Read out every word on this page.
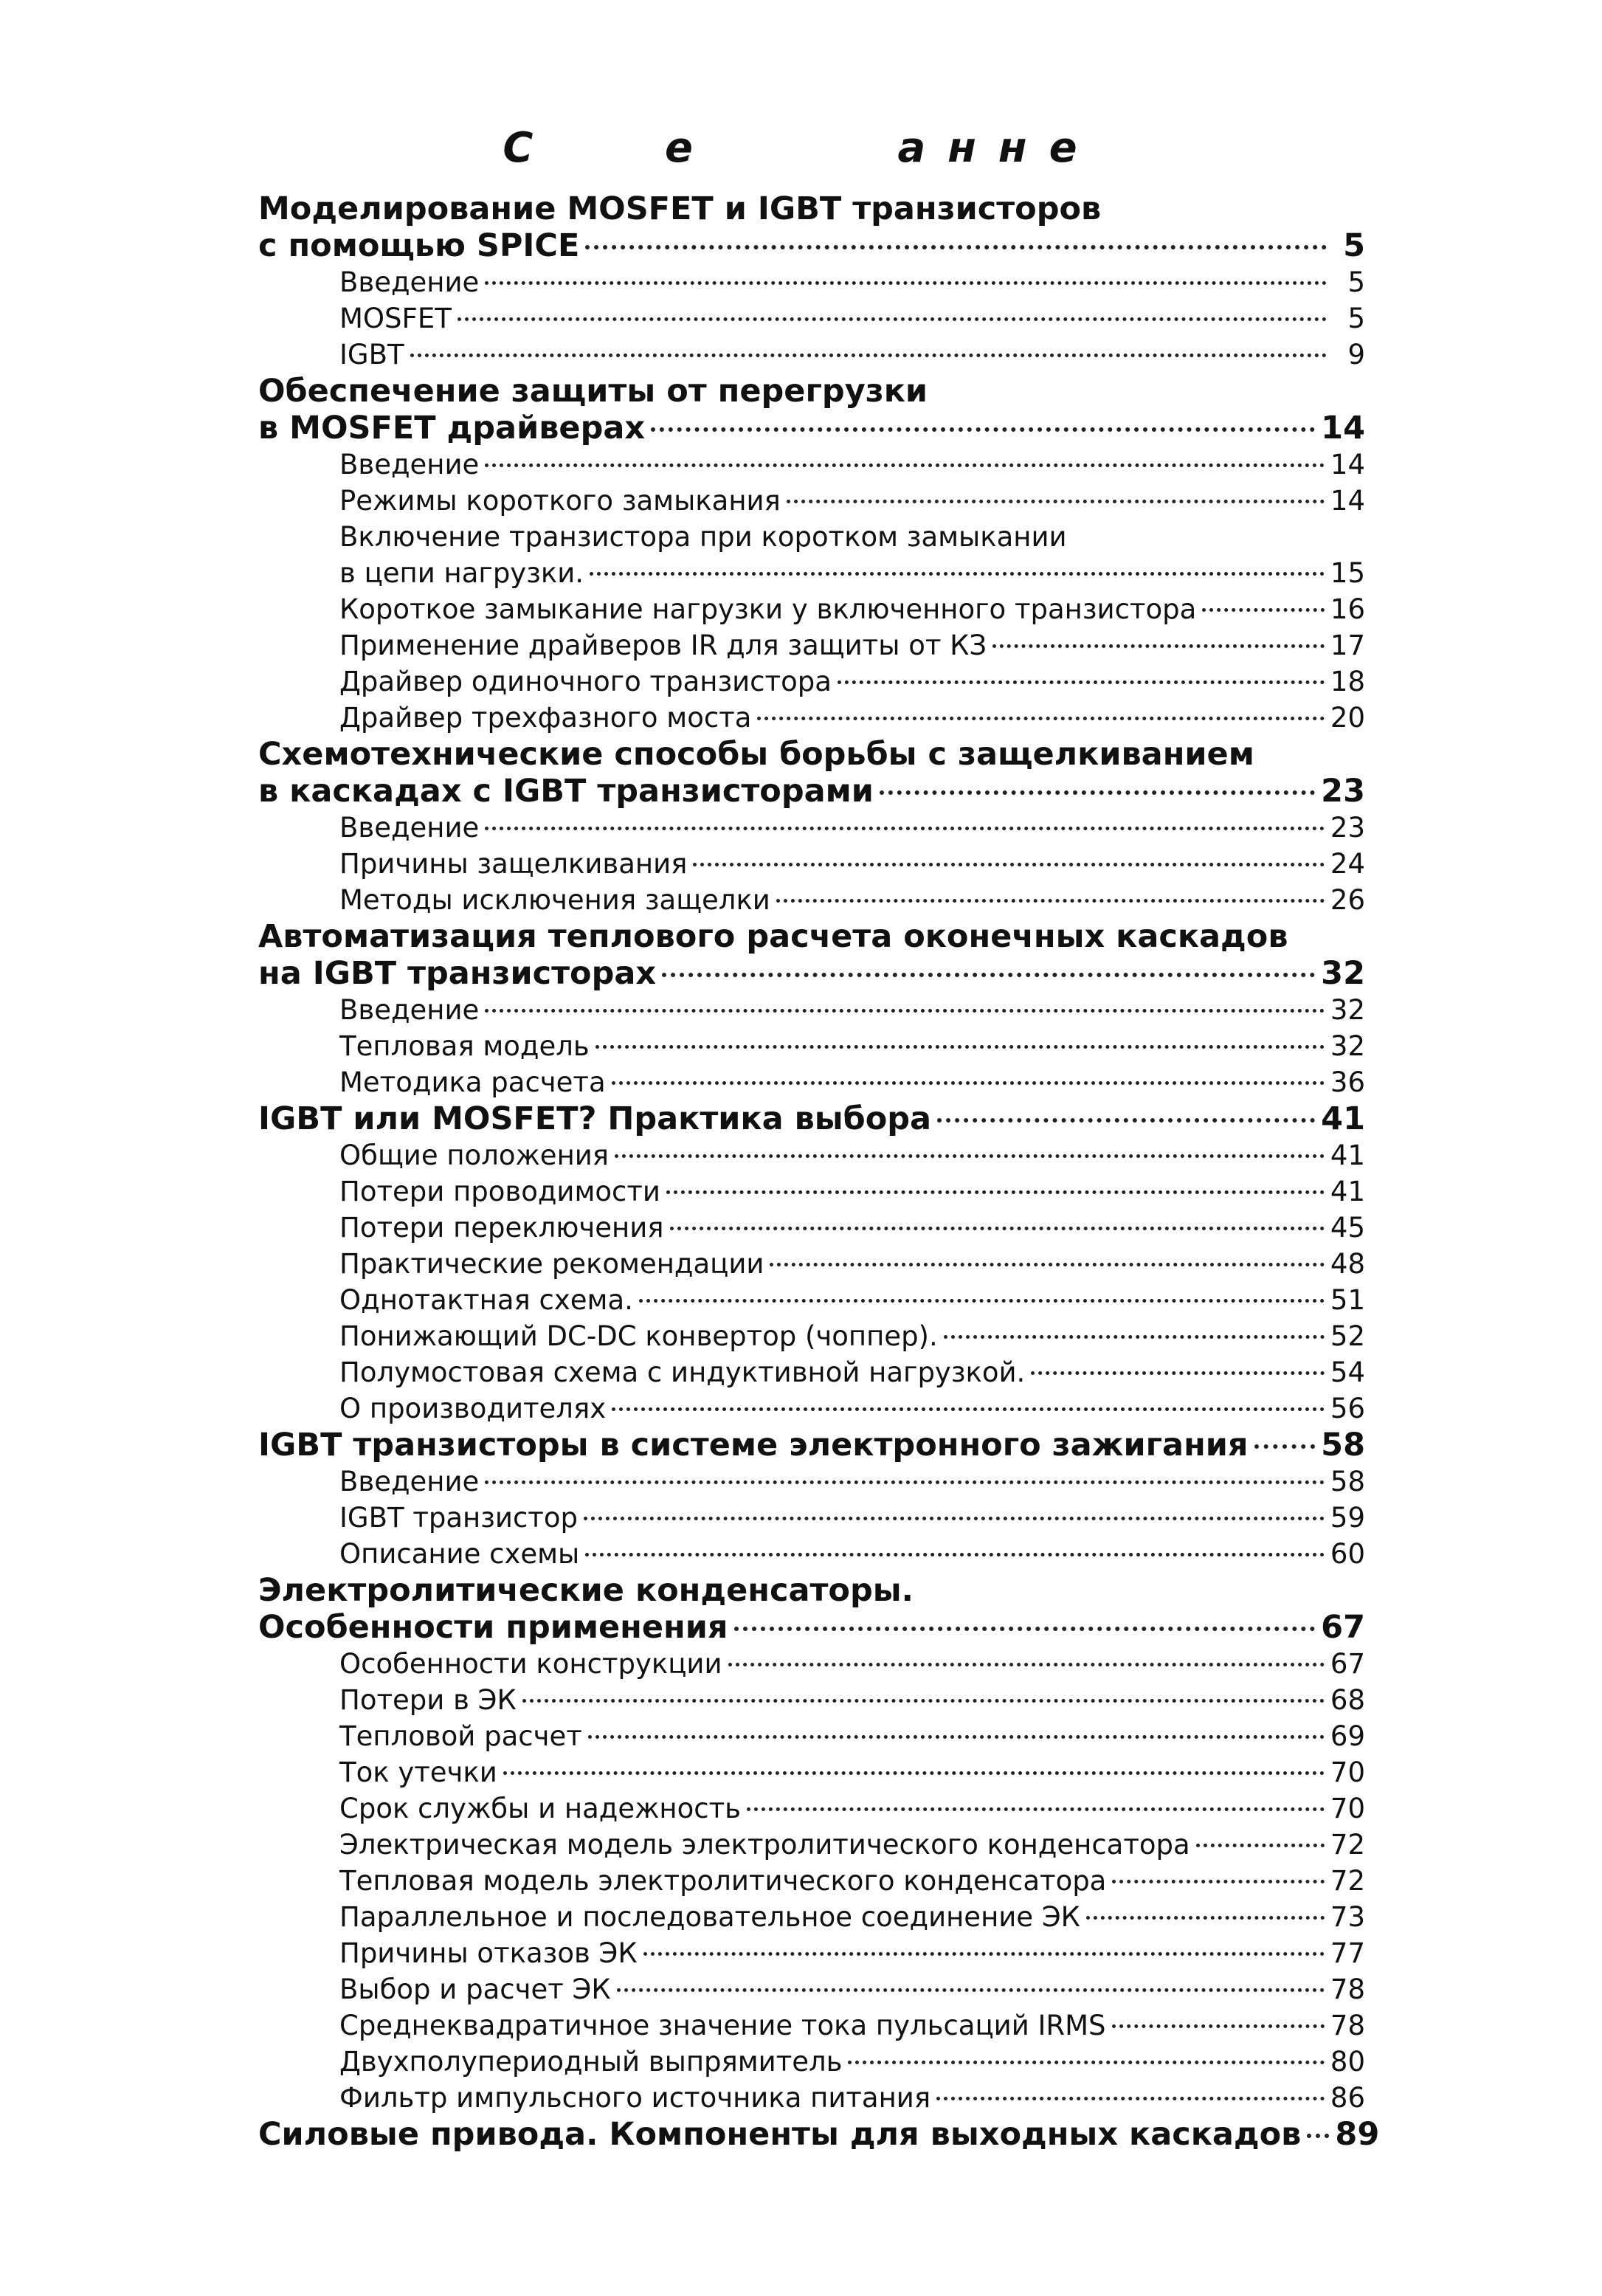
С   е     анне
Моделирование MOSFET и IGBT транзисторов
с помощью SPICE	5
Введение	5
MOSFET	5
IGBT	9
Обеспечение защиты от перегрузки
в MOSFET драйверах	14
Введение	14
Режимы короткого замыкания	14
Включение транзистора при коротком замыкании
в цепи нагрузки.	15
Короткое замыкание нагрузки у включенного транзистора	16
Применение драйверов IR для защиты от КЗ	17
Драйвер одиночного транзистора	18
Драйвер трехфазного моста	20
Схемотехнические способы борьбы с защелкиванием
в каскадах с IGBT транзисторами	23
Введение	23
Причины защелкивания	24
Методы исключения защелки	26
Автоматизация теплового расчета оконечных каскадов
на IGBT транзисторах	32
Введение	32
Тепловая модель	32
Методика расчета	36
IGBT или MOSFET? Практика выбора	41
Общие положения	41
Потери проводимости	41
Потери переключения	45
Практические рекомендации	48
Однотактная схема.	51
Понижающий DC-DC конвертор (чоппер).	52
Полумостовая схема с индуктивной нагрузкой.	54
О производителях	56
IGBT транзисторы в системе электронного зажигания 58
Введение	58
IGBT транзистор	59
Описание схемы	60
Электролитические конденсаторы.
Особенности применения	67
Особенности конструкции	67
Потери в ЭК	68
Тепловой расчет	69
Ток утечки	70
Срок службы и надежность	70
Электрическая модель электролитического конденсатора	72
Тепловая модель электролитического конденсатора	72
Параллельное и последовательное соединение ЭК	73
Причины отказов ЭК	77
Выбор и расчет ЭК	78
Среднеквадратичное значение тока пульсаций IRMS	78
Двухполупериодный выпрямитель	80
Фильтр импульсного источника питания	86
Силовые привода. Компоненты для выходных каскадов 89
